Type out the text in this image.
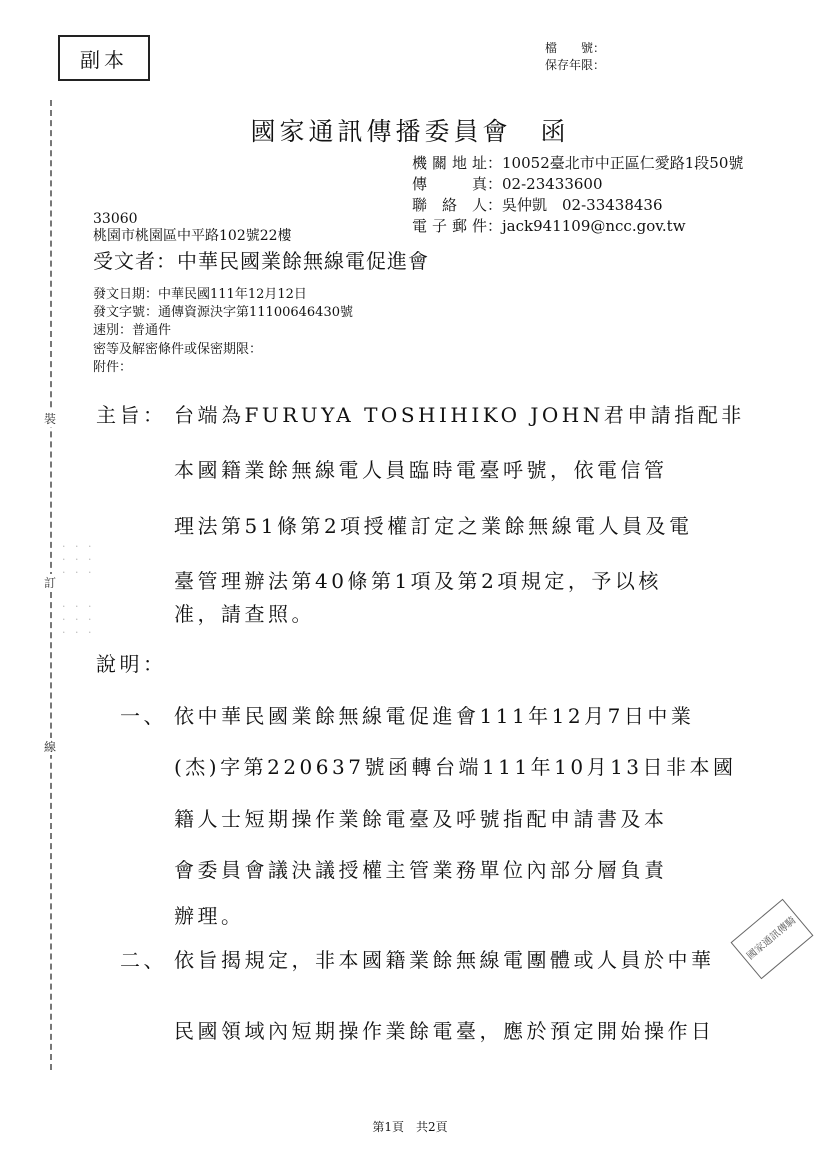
副本	檔　　號：
保存年限：
裝
訂
線
· · ·
· · ·
· · ·
· · ·
· · ·
· · ·
國家通訊傳播委員會　函
機關地址：10052臺北市中正區仁愛路1段50號
傳　　真：02-23433600
聯 絡 人：吳仲凱　02-33438436
電子郵件：jack941109@ncc.gov.tw
33060
桃園市桃園區中平路102號22樓
受文者：中華民國業餘無線電促進會
發文日期：中華民國111年12月12日
發文字號：通傳資源決字第11100646430號
速別：普通件
密等及解密條件或保密期限：
附件：
主旨： 台端為FURUYA TOSHIHIKO JOHN君申請指配非
本國籍業餘無線電人員臨時電臺呼號，依電信管
理法第51條第2項授權訂定之業餘無線電人員及電
臺管理辦法第40條第1項及第2項規定，予以核
准，請查照。
說明：
一、 依中華民國業餘無線電促進會111年12月7日中業
(杰)字第220637號函轉台端111年10月13日非本國
籍人士短期操作業餘電臺及呼號指配申請書及本
會委員會議決議授權主管業務單位內部分層負責
辦理。
二、 依旨揭規定，非本國籍業餘無線電團體或人員於中華
民國領域內短期操作業餘電臺，應於預定開始操作日
國家通訊傳騎
第1頁　共2頁
